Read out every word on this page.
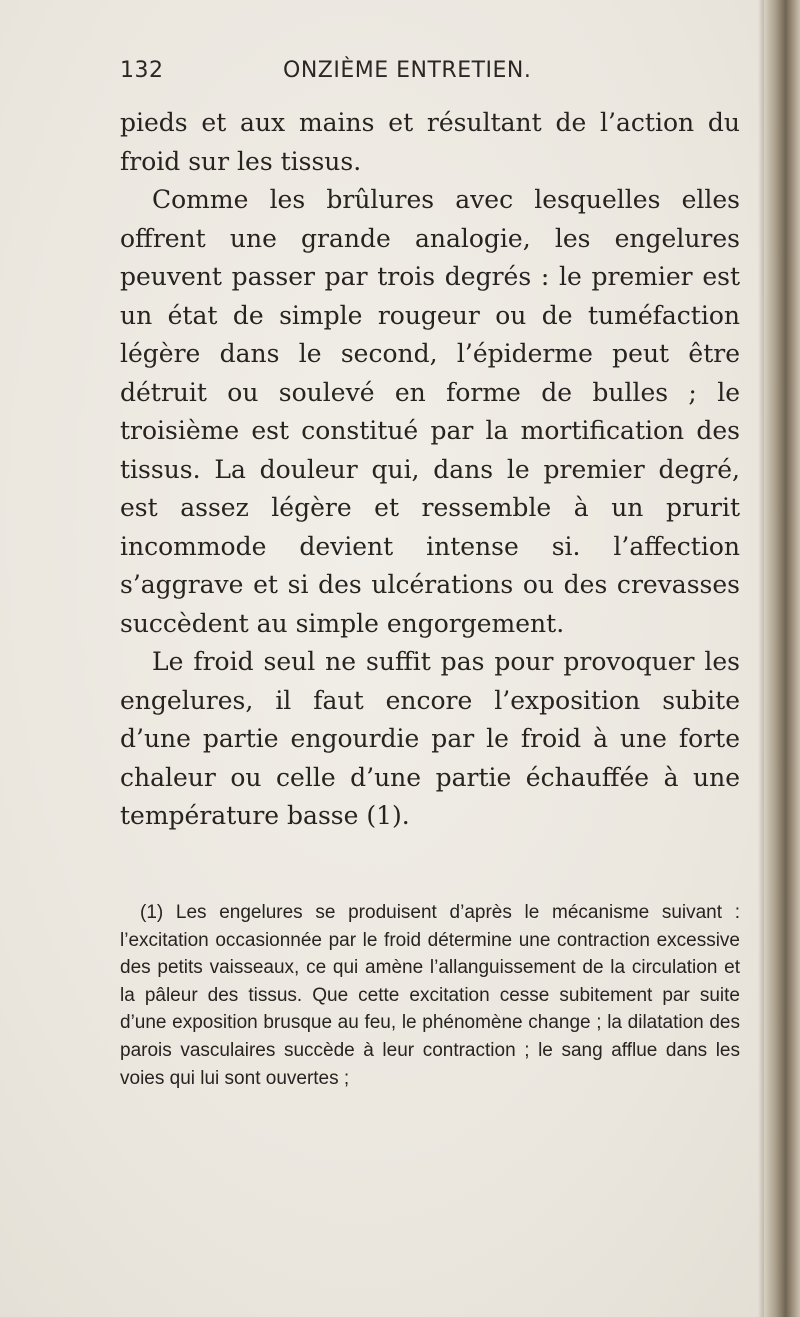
132	ONZIÈME ENTRETIEN.

pieds et aux mains et résultant de l’action du froid sur les tissus.

Comme les brûlures avec lesquelles elles offrent une grande analogie, les engelures peuvent passer par trois degrés : le premier est un état de simple rougeur ou de tuméfaction légère dans le second, l’épiderme peut être détruit ou soulevé en forme de bulles ; le troisième est constitué par la mortification des tissus. La douleur qui, dans le premier degré, est assez légère et ressemble à un prurit incommode devient intense si. l’affection s’aggrave et si des ulcérations ou des crevasses succèdent au simple engorgement.

Le froid seul ne suffit pas pour provoquer les engelures, il faut encore l’exposition subite d’une partie engourdie par le froid à une forte chaleur ou celle d’une partie échauffée à une température basse (1).

(1) Les engelures se produisent d’après le mécanisme suivant : l’excitation occasionnée par le froid détermine une contraction excessive des petits vaisseaux, ce qui amène l’allanguissement de la circulation et la pâleur des tissus. Que cette excitation cesse subitement par suite d’une exposition brusque au feu, le phénomène change ; la dilatation des parois vasculaires succède à leur contraction ; le sang afflue dans les voies qui lui sont ouvertes ;
